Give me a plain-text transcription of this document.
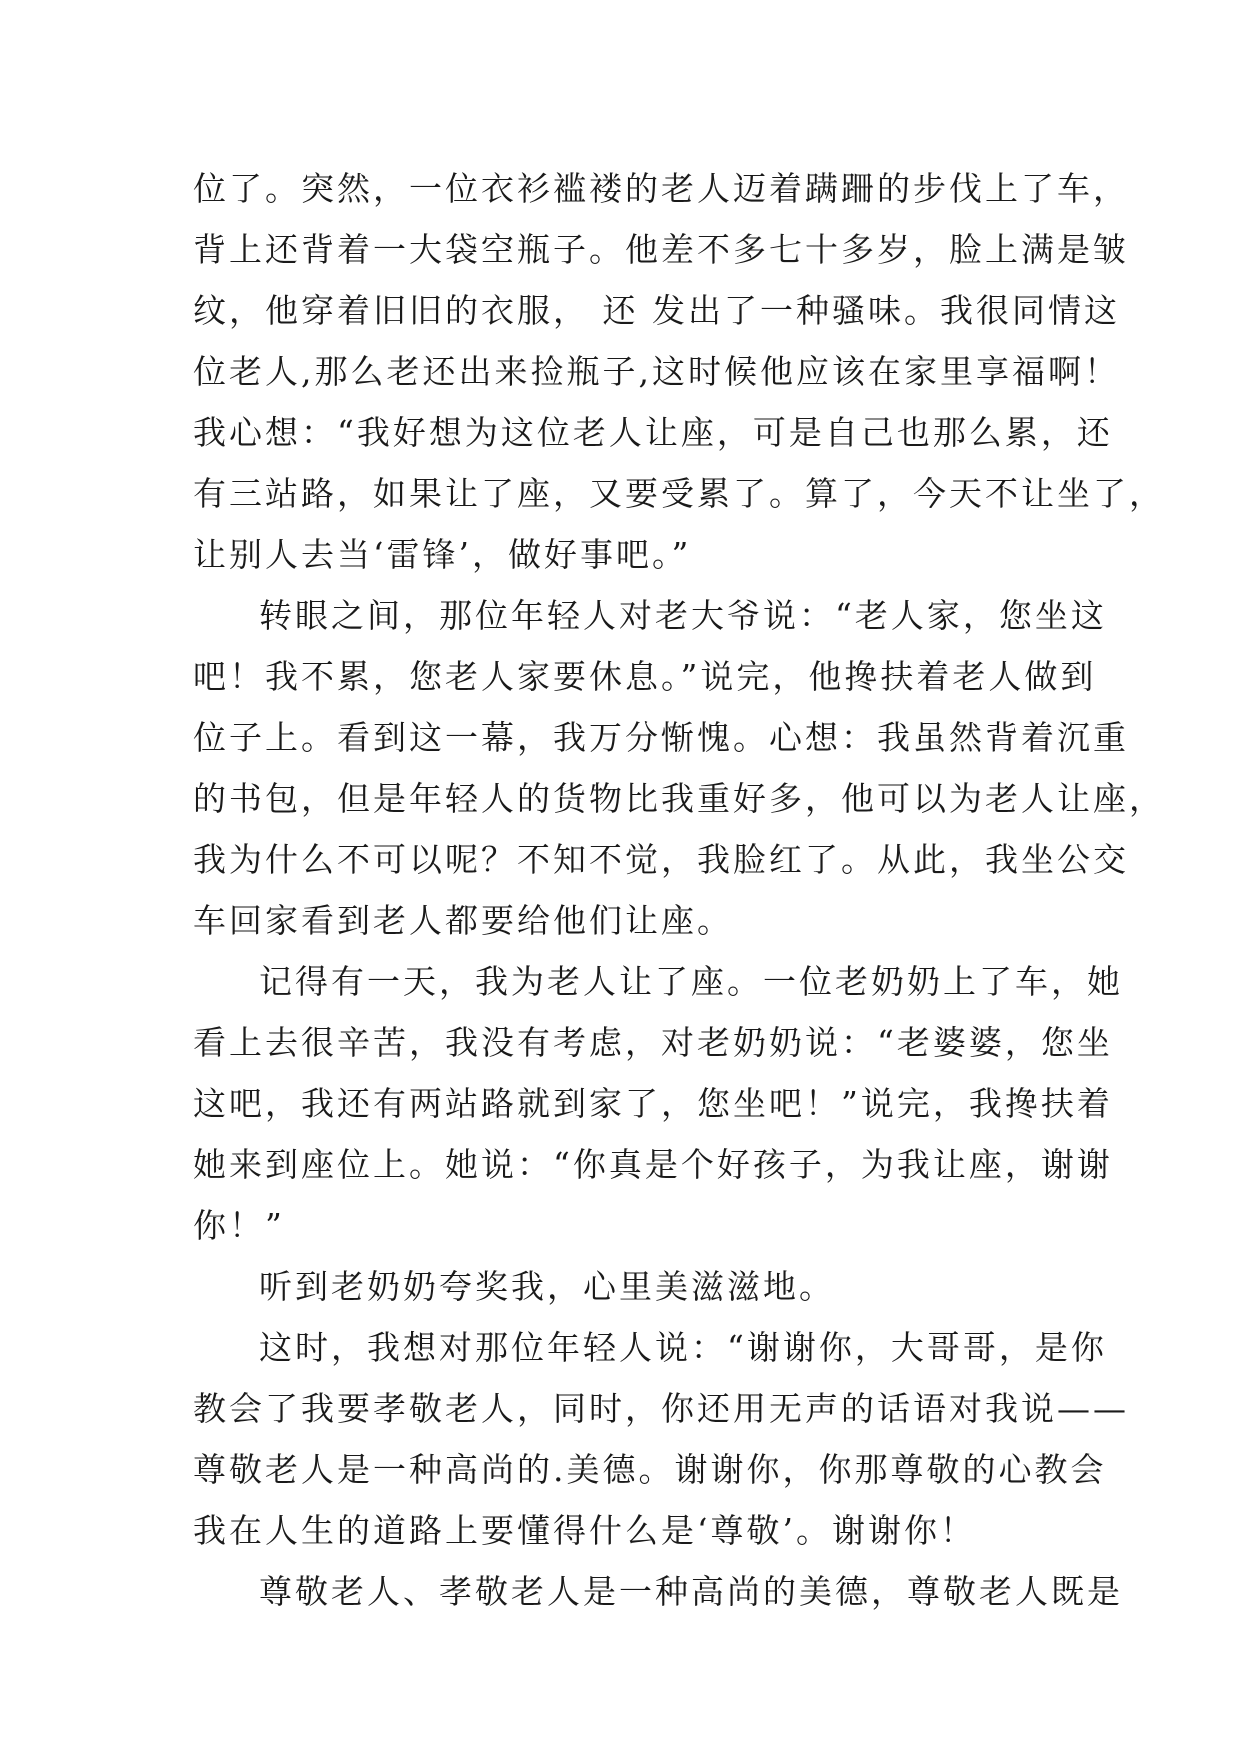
位了。突然，一位衣衫褴褛的老人迈着蹒跚的步伐上了车，
背上还背着一大袋空瓶子。他差不多七十多岁，脸上满是皱
纹，他穿着旧旧的衣服， 还 发出了一种骚味。我很同情这
位老人,那么老还出来捡瓶子,这时候他应该在家里享福啊！
我心想：“我好想为这位老人让座，可是自己也那么累，还
有三站路，如果让了座，又要受累了。算了，今天不让坐了，
让别人去当‘雷锋’，做好事吧。”
转眼之间，那位年轻人对老大爷说：“老人家，您坐这
吧！我不累，您老人家要休息。”说完，他搀扶着老人做到
位子上。看到这一幕，我万分惭愧。心想：我虽然背着沉重
的书包，但是年轻人的货物比我重好多，他可以为老人让座，
我为什么不可以呢？不知不觉，我脸红了。从此，我坐公交
车回家看到老人都要给他们让座。
记得有一天，我为老人让了座。一位老奶奶上了车，她
看上去很辛苦，我没有考虑，对老奶奶说：“老婆婆，您坐
这吧，我还有两站路就到家了，您坐吧！”说完，我搀扶着
她来到座位上。她说：“你真是个好孩子，为我让座，谢谢
你！”
听到老奶奶夸奖我，心里美滋滋地。
这时，我想对那位年轻人说：“谢谢你，大哥哥，是你
教会了我要孝敬老人，同时，你还用无声的话语对我说——
尊敬老人是一种高尚的.美德。谢谢你，你那尊敬的心教会
我在人生的道路上要懂得什么是‘尊敬’。谢谢你！
尊敬老人、孝敬老人是一种高尚的美德，尊敬老人既是
